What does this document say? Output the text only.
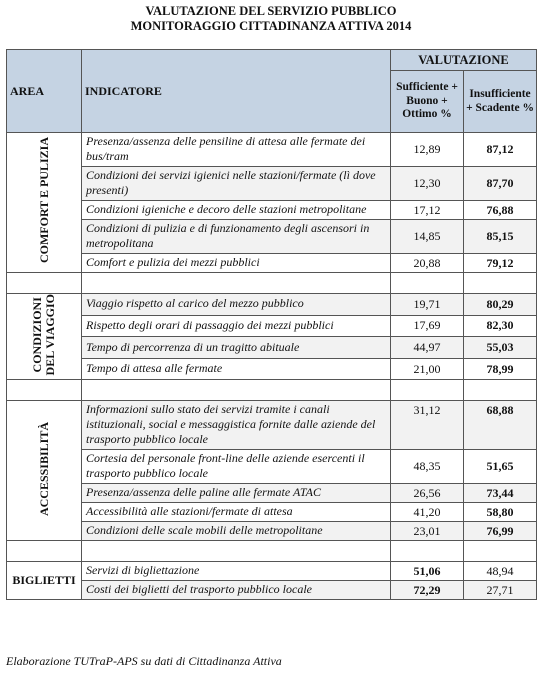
VALUTAZIONE DEL SERVIZIO PUBBLICO
MONITORAGGIO CITTADINANZA ATTIVA 2014
AREA	INDICATORE	VALUTAZIONE	
		Sufficiente + Buono + Ottimo %	Insufficiente + Scadente %
COMFORT E PULIZIA	Presenza/assenza delle pensiline di attesa alle fermate dei bus/tram	12,89	87,12
	Condizioni dei servizi igienici nelle stazioni/fermate (lì dove presenti)	12,30	87,70
	Condizioni igieniche e decoro delle stazioni metropolitane	17,12	76,88
	Condizioni di pulizia e di funzionamento degli ascensori in metropolitana	14,85	85,15
	Comfort e pulizia dei mezzi pubblici	20,88	79,12

CONDIZIONI
DEL VIAGGIO	Viaggio rispetto al carico del mezzo pubblico	19,71	80,29
	Rispetto degli orari di passaggio dei mezzi pubblici	17,69	82,30
	Tempo di percorrenza di un tragitto abituale	44,97	55,03
	Tempo di attesa alle fermate	21,00	78,99

ACCESSIBILITÀ	Informazioni sullo stato dei servizi tramite i canali istituzionali, social e messaggistica fornite dalle aziende del trasporto pubblico locale	31,12	68,88
	Cortesia del personale front-line delle aziende esercenti il trasporto pubblico locale	48,35	51,65
	Presenza/assenza delle paline alle fermate ATAC	26,56	73,44
	Accessibilità alle stazioni/fermate di attesa	41,20	58,80
	Condizioni delle scale mobili delle metropolitane	23,01	76,99

BIGLIETTI	Servizi di bigliettazione	51,06	48,94
	Costi dei biglietti del trasporto pubblico locale	72,29	27,71
Elaborazione TUTraP-APS su dati di Cittadinanza Attiva
